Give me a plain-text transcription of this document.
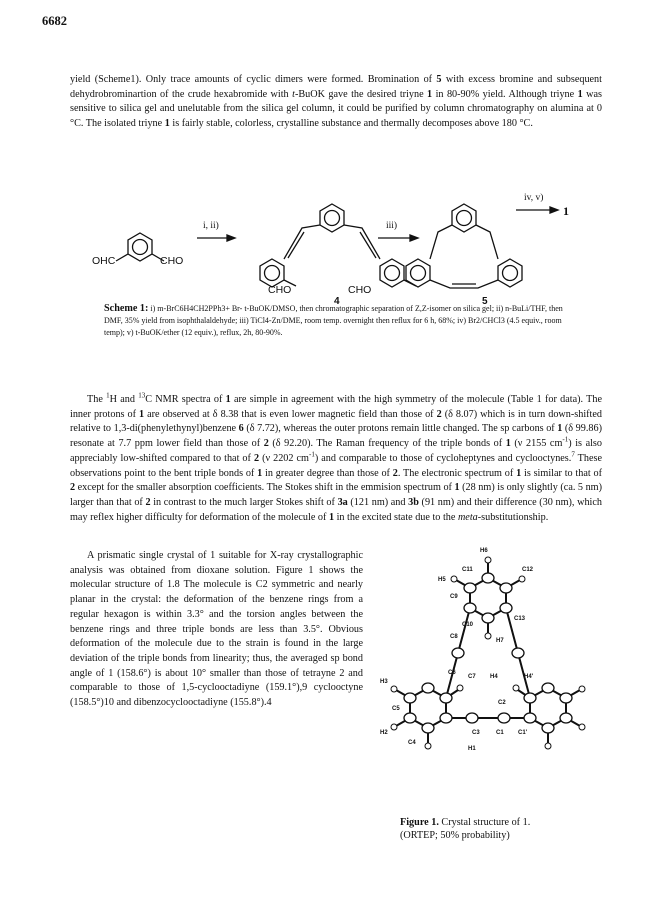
6682

yield (Scheme1). Only trace amounts of cyclic dimers were formed. Bromination of 5 with excess bromine and subsequent dehydrobrominartion of the crude hexabromide with t-BuOK gave the desired triyne 1 in 80-90% yield. Although triyne 1 was sensitive to silica gel and unelutable from the silica gel column, it could be purified by column chromatography on alumina at 0 °C. The isolated triyne 1 is fairly stable, colorless, crystalline substance and thermally decomposes above 180 °C.

OHC	CHO
CHO	CHO
4	5
i, ii)	iii)
iv, v)
1
Scheme 1: i) m-BrC6H4CH2PPh3+ Br- t-BuOK/DMSO, then chromatographic separation of Z,Z-isomer on silica gel; ii) n-BuLi/THF, then DMF, 35% yield from isophthalaldehyde; iii) TiCl4-Zn/DME, room temp. overnight then reflux for 6 h, 68%; iv) Br2/CHCl3 (4.5 equiv., room temp); v) t-BuOK/ether (12 equiv.), reflux, 2h, 80-90%.

The $^1$H and $^{13}$C NMR spectra of 1 are simple in agreement with the high symmetry of the molecule (Table 1 for data). The inner protons of 1 are observed at δ 8.38 that is even lower magnetic field than those of 2 (δ 8.07) which is in turn down-shifted relative to 1,3-di(phenylethynyl)benzene 6 (δ 7.72), whereas the outer protons remain little changed. The sp carbons of 1 (δ 99.86) resonate at 7.7 ppm lower field than those of 2 (δ 92.20). The Raman frequency of the triple bonds of 1 (ν 2155 $cm^{-1}$) is also appreciably low-shifted compared to that of 2 (ν 2202 $cm^{-1}$) and comparable to those of cycloheptynes and cyclooctynes.$^7$ These observations point to the bent triple bonds of 1 in greater degree than those of 2. The electronic spectrum of 1 is similar to that of 2 except for the smaller absorption coefficients. The Stokes shift in the emmision spectrum of 1 (28 nm) is only slightly (ca. 5 nm) larger than that of 2 in contrast to the much larger Stokes shift of 3a (121 nm) and 3b (91 nm) and their difference (30 nm), which may reflex higher difficulty for deformation of the molecule of 1 in the excited state due to the meta-substitutionship.

A prismatic single crystal of 1 suitable for X-ray crystallographic analysis was obtained from dioxane solution. Figure 1 shows the molecular structure of 1.8 The molecule is C2 symmetric and nearly planar in the crystal: the deformation of the benzene rings from a regular hexagon is within 3.3° and the torsion angles between the benzene rings and three triple bonds are less than 3.5°. Obvious deformation of the molecule due to the strain is found in the large deviation of the triple bonds from linearity; thus, the averaged sp bond angle of 1 (158.6°) is about 10° smaller than those of tetrayne 2 and comparable to those of 1,5-cyclooctadiyne (159.1°),9 cyclooctyne (158.5°)10 and dibenzocyclooctadiyne (155.8°).4

H6
C11	C12
H5
C10
C9
C13
C8
H7
C6
C7 H4	H4'
H3
C5
C2
H2
C4
C3	C1 C1'
H1
Figure 1. Crystal structure of 1.
(ORTEP; 50% probability)
